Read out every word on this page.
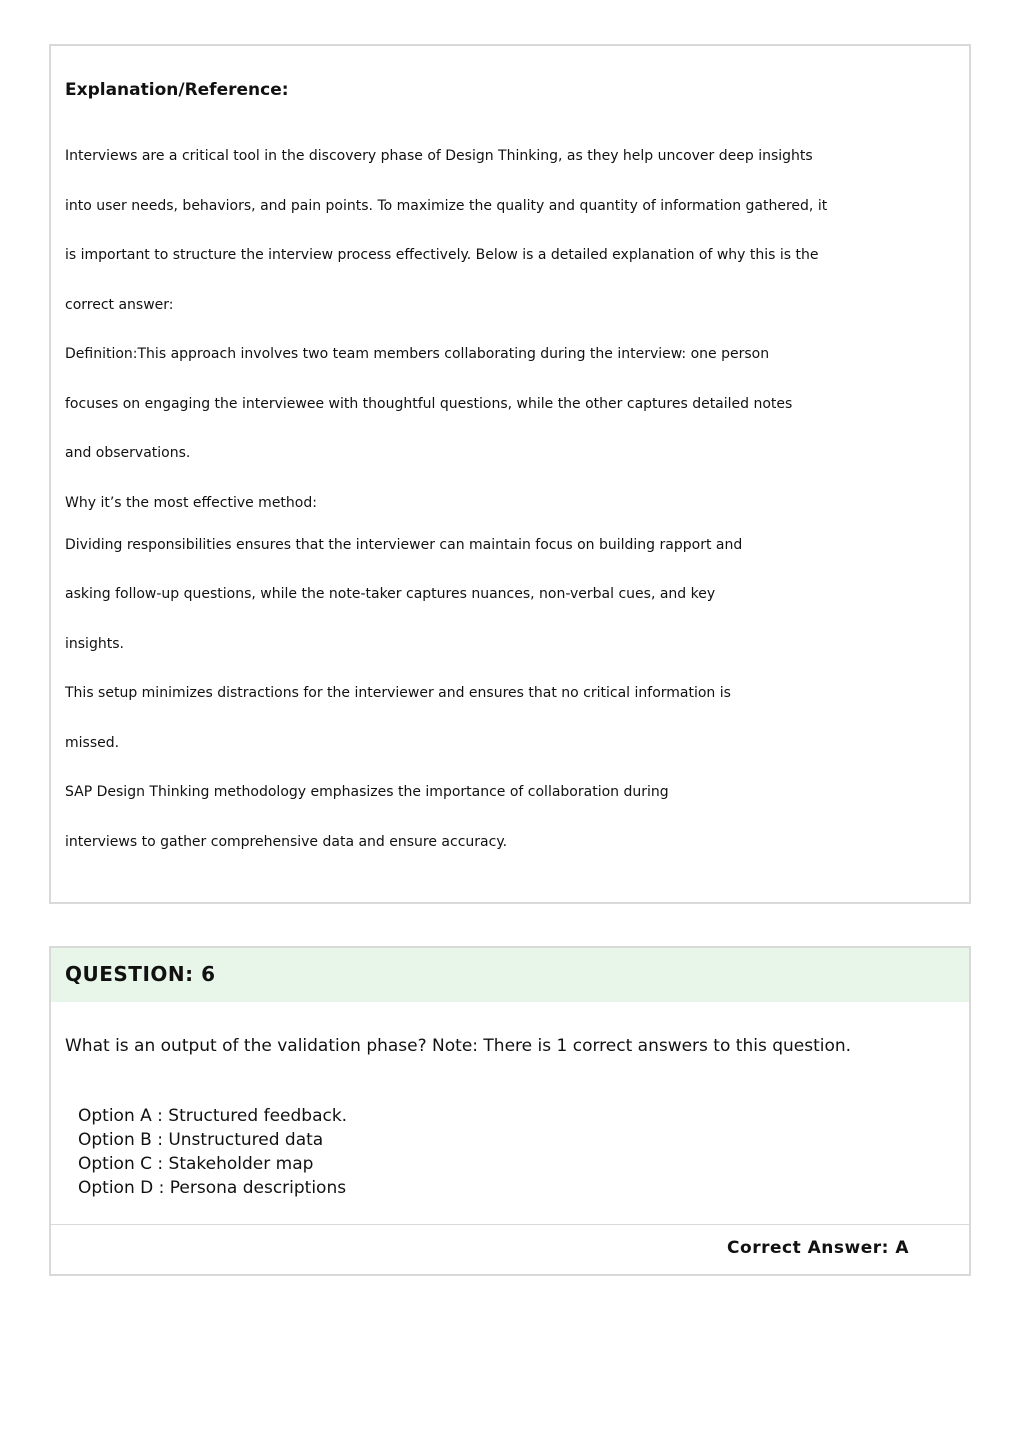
Explanation/Reference:

Interviews are a critical tool in the discovery phase of Design Thinking, as they help uncover deep insights

into user needs, behaviors, and pain points. To maximize the quality and quantity of information gathered, it

is important to structure the interview process effectively. Below is a detailed explanation of why this is the

correct answer:

Definition:This approach involves two team members collaborating during the interview: one person

focuses on engaging the interviewee with thoughtful questions, while the other captures detailed notes

and observations.

Why it’s the most effective method:

Dividing responsibilities ensures that the interviewer can maintain focus on building rapport and

asking follow-up questions, while the note-taker captures nuances, non-verbal cues, and key

insights.

This setup minimizes distractions for the interviewer and ensures that no critical information is

missed.

SAP Design Thinking methodology emphasizes the importance of collaboration during

interviews to gather comprehensive data and ensure accuracy.

QUESTION: 6

What is an output of the validation phase? Note: There is 1 correct answers to this question.

Option A : Structured feedback.
Option B : Unstructured data
Option C : Stakeholder map
Option D : Persona descriptions

Correct Answer: A
